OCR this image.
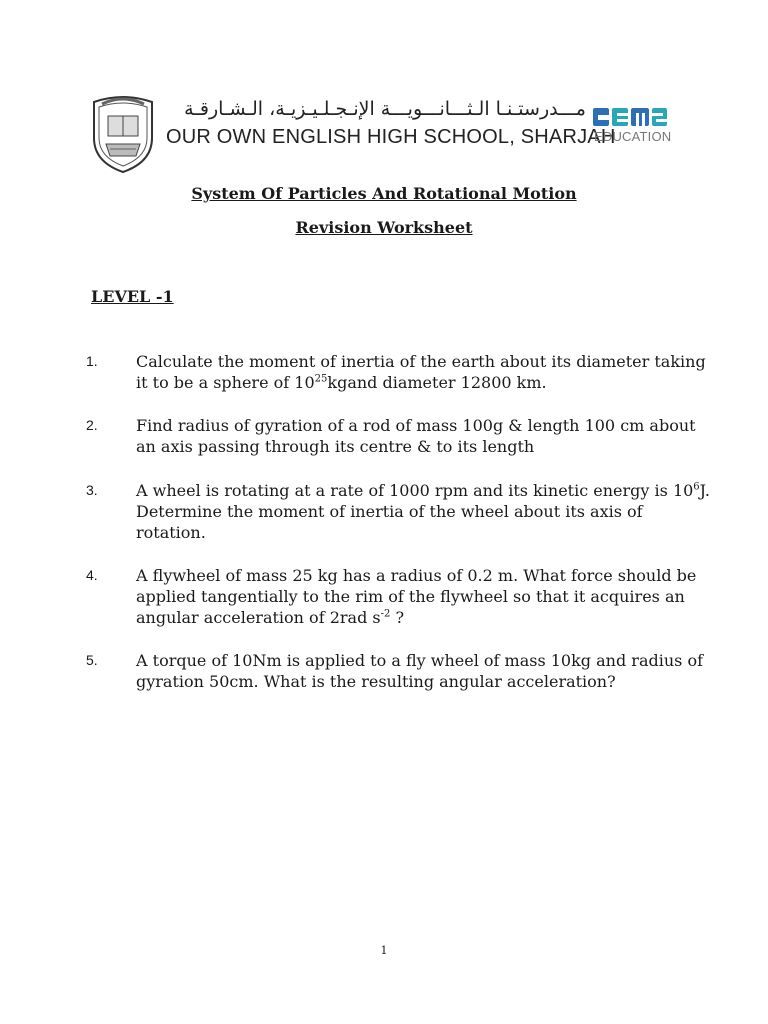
مـــدرستـنـا الـثـــانـــويـــة الإنـجـلـيـزيـة، الـشـارقـة
OUR OWN ENGLISH HIGH SCHOOL, SHARJAH
EDUCATION
System Of Particles And Rotational Motion
Revision Worksheet
LEVEL -1
1. Calculate the moment of inertia of the earth about its diameter taking it to be a sphere of $10^{25}kgand$ diameter 12800 km.
2. Find radius of gyration of a rod of mass 100g & length 100 cm about an axis passing through its centre & to its length
3. A wheel is rotating at a rate of 1000 rpm and its kinetic energy is $10^6J$. Determine the moment of inertia of the wheel about its axis of rotation.
4. A flywheel of mass 25 kg has a radius of 0.2 m. What force should be applied tangentially to the rim of the flywheel so that it acquires an angular acceleration of 2rad $s^{-2}$ ?
5. A torque of 10Nm is applied to a fly wheel of mass 10kg and radius of gyration 50cm. What is the resulting angular acceleration?
1
